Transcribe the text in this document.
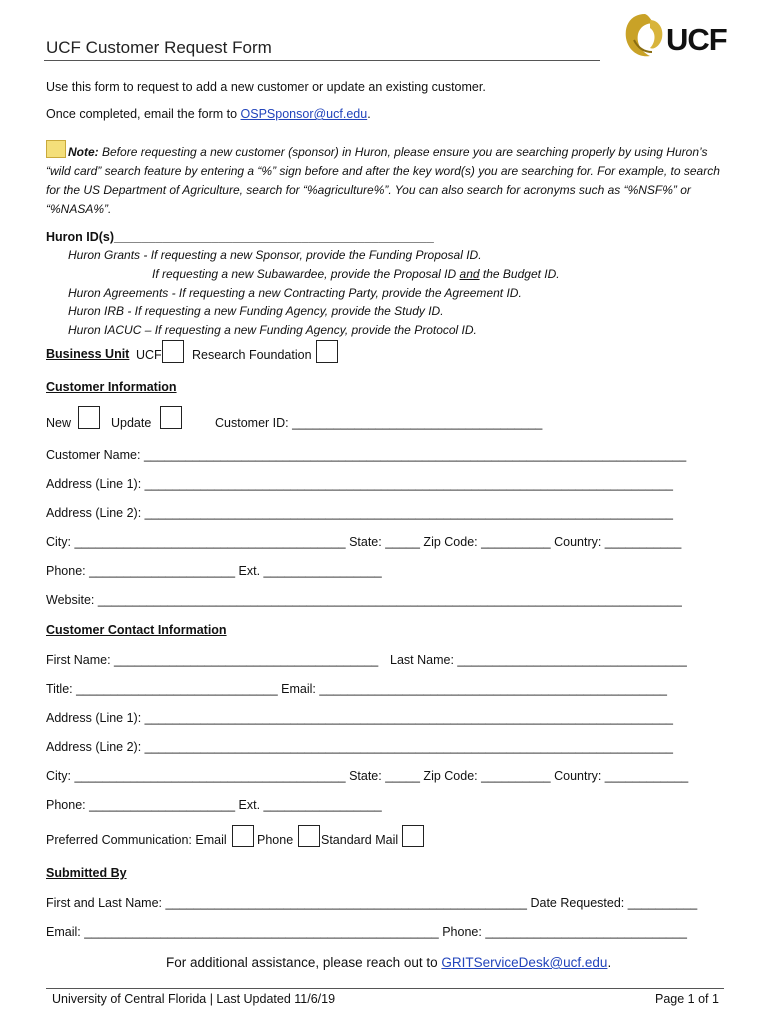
UCF Customer Request Form	UCF
Use this form to request to add a new customer or update an existing customer.
Once completed, email the form to OSPSponsor@ucf.edu.
Note: Before requesting a new customer (sponsor) in Huron, please ensure you are searching properly by using Huron’s “wild card” search feature by entering a “%” sign before and after the key word(s) you are searching for. For example, to search for the US Department of Agriculture, search for “%agriculture%”. You can also search for acronyms such as “%NSF%” or “%NASA%”.
Huron ID(s)______________________________________________
Huron Grants - If requesting a new Sponsor, provide the Funding Proposal ID.
If requesting a new Subawardee, provide the Proposal ID and the Budget ID.
Huron Agreements - If requesting a new Contracting Party, provide the Agreement ID.
Huron IRB - If requesting a new Funding Agency, provide the Study ID.
Huron IACUC – If requesting a new Funding Agency, provide the Protocol ID.
Business Unit UCF Research Foundation
Customer Information
New	Update	Customer ID: ____________________________________
Customer Name: ______________________________________________________________________________
Address (Line 1): ____________________________________________________________________________
Address (Line 2): ____________________________________________________________________________
City: _______________________________________ State: _____ Zip Code: __________ Country: ___________
Phone: _____________________ Ext. _________________
Website: ____________________________________________________________________________________
Customer Contact Information
First Name: ______________________________________ Last Name: _________________________________
Title: _____________________________ Email: __________________________________________________
Address (Line 1): ____________________________________________________________________________
Address (Line 2): ____________________________________________________________________________
City: _______________________________________ State: _____ Zip Code: __________ Country: ____________
Phone: _____________________ Ext. _________________
Preferred Communication: Email Phone Standard Mail
Submitted By
First and Last Name: ____________________________________________________ Date Requested: __________
Email: ___________________________________________________ Phone: _____________________________
For additional assistance, please reach out to GRITServiceDesk@ucf.edu.
University of Central Florida | Last Updated 11/6/19	Page 1 of 1
